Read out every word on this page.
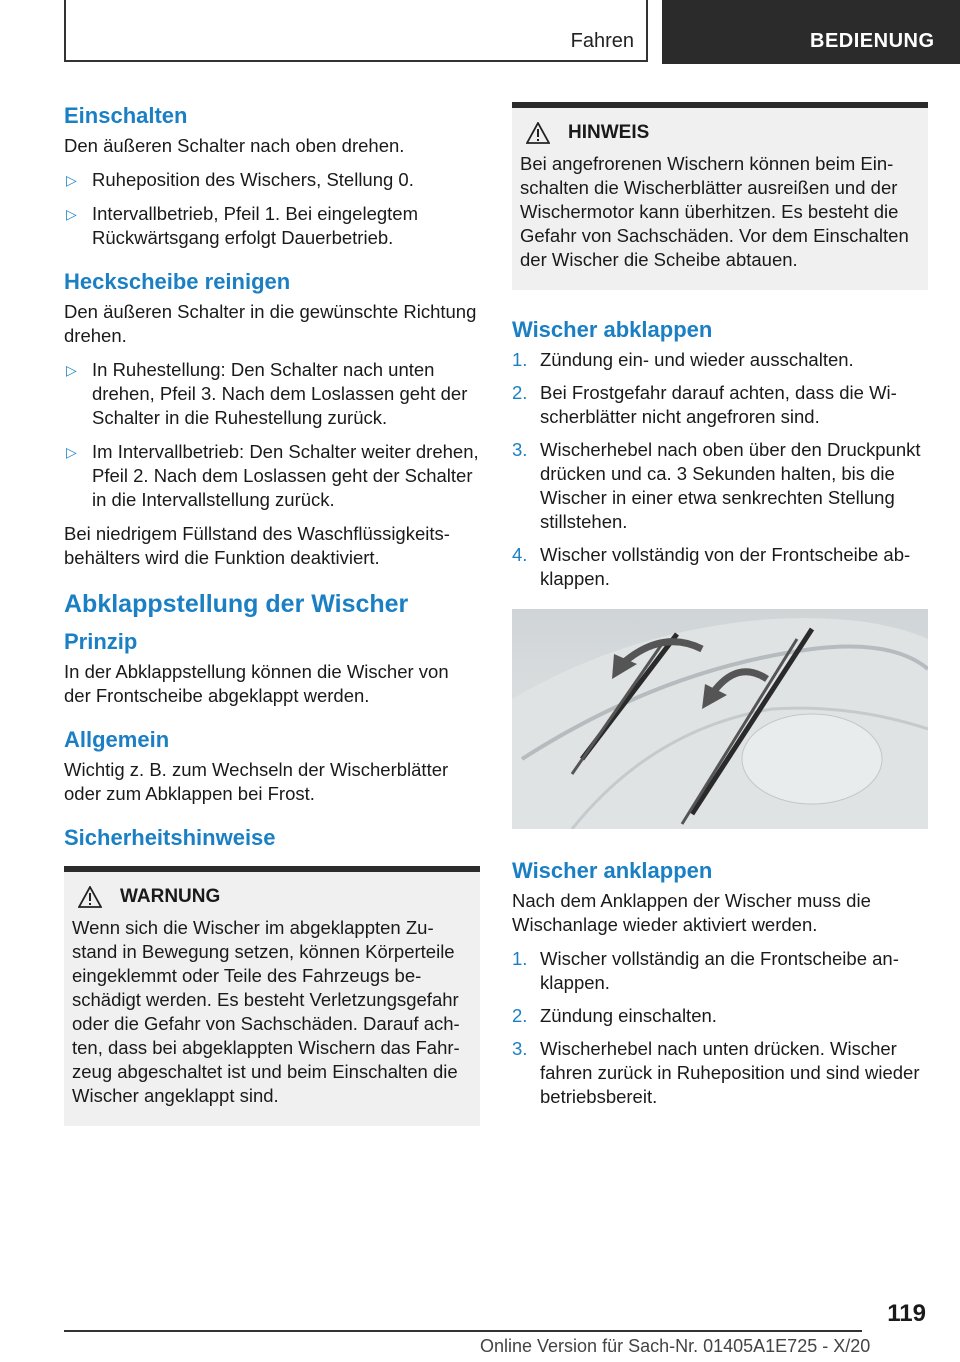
Fahren	BEDIENUNG
Einschalten
Den äußeren Schalter nach oben drehen.
▷ Ruheposition des Wischers, Stellung 0.
▷ Intervallbetrieb, Pfeil 1. Bei eingelegtem Rückwärtsgang erfolgt Dauerbetrieb.
Heckscheibe reinigen
Den äußeren Schalter in die gewünschte Richtung drehen.
▷ In Ruhestellung: Den Schalter nach unten drehen, Pfeil 3. Nach dem Loslassen geht der Schalter in die Ruhestellung zurück.
▷ Im Intervallbetrieb: Den Schalter weiter drehen, Pfeil 2. Nach dem Loslassen geht der Schalter in die Intervallstellung zurück.
Bei niedrigem Füllstand des Waschflüssigkeitsbehälters wird die Funktion deaktiviert.
Abklappstellung der Wischer
Prinzip
In der Abklappstellung können die Wischer von der Frontscheibe abgeklappt werden.
Allgemein
Wichtig z. B. zum Wechseln der Wischerblätter oder zum Abklappen bei Frost.
Sicherheitshinweise
WARNUNG
Wenn sich die Wischer im abgeklappten Zustand in Bewegung setzen, können Körperteile eingeklemmt oder Teile des Fahrzeugs beschädigt werden. Es besteht Verletzungsgefahr oder die Gefahr von Sachschäden. Darauf achten, dass bei abgeklappten Wischern das Fahrzeug abgeschaltet ist und beim Einschalten die Wischer angeklappt sind.
HINWEIS
Bei angefrorenen Wischern können beim Einschalten die Wischerblätter ausreißen und der Wischermotor kann überhitzen. Es besteht die Gefahr von Sachschäden. Vor dem Einschalten der Wischer die Scheibe abtauen.
Wischer abklappen
1. Zündung ein- und wieder ausschalten.
2. Bei Frostgefahr darauf achten, dass die Wischerblätter nicht angefroren sind.
3. Wischerhebel nach oben über den Druckpunkt drücken und ca. 3 Sekunden halten, bis die Wischer in einer etwa senkrechten Stellung stillstehen.
4. Wischer vollständig von der Frontscheibe abklappen.
Wischer anklappen
Nach dem Anklappen der Wischer muss die Wischanlage wieder aktiviert werden.
1. Wischer vollständig an die Frontscheibe anklappen.
2. Zündung einschalten.
3. Wischerhebel nach unten drücken. Wischer fahren zurück in Ruheposition und sind wieder betriebsbereit.
119
Online Version für Sach-Nr. 01405A1E725 - X/20
